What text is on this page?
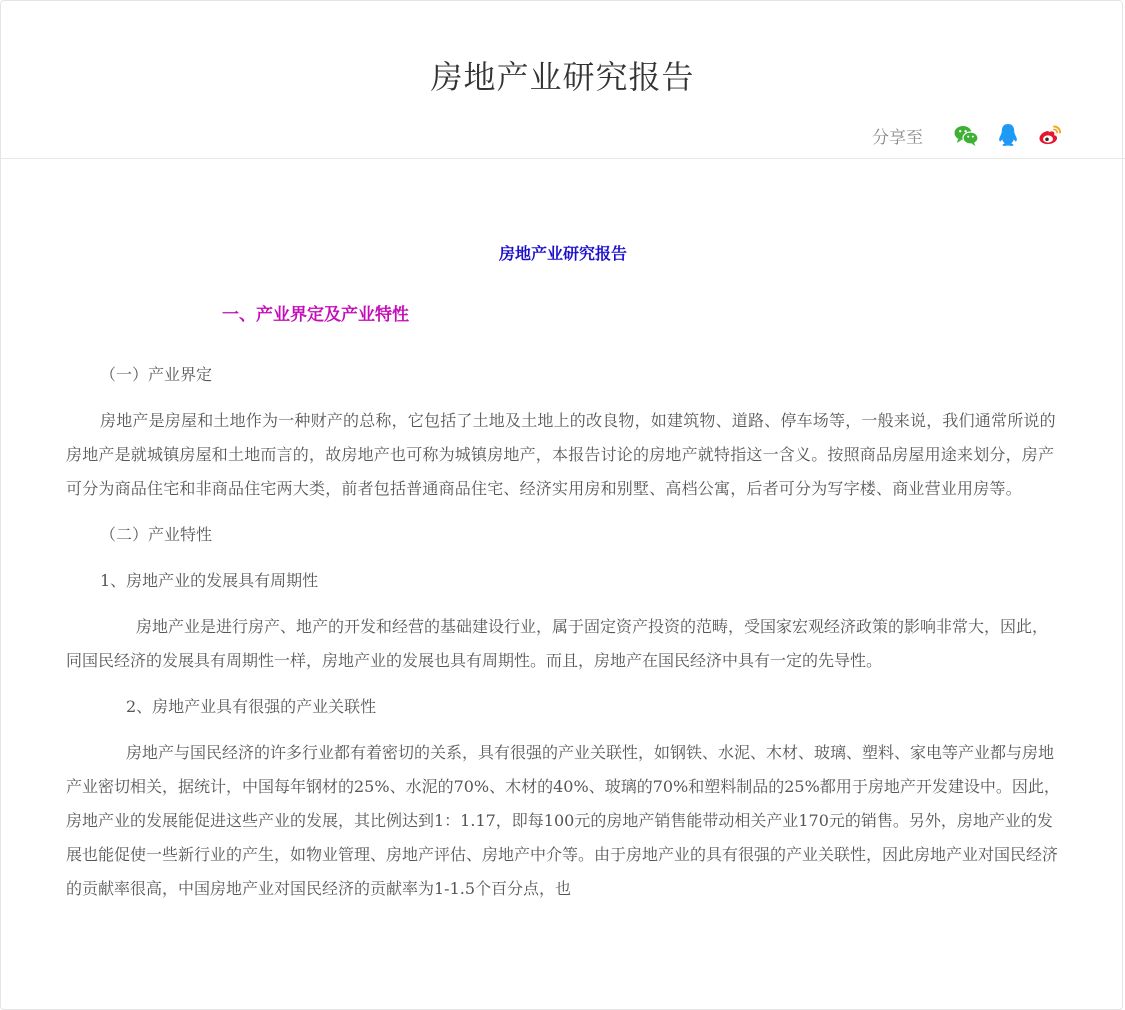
房地产业研究报告
分享至

房地产业研究报告

一、产业界定及产业特性

（一）产业界定

房地产是房屋和土地作为一种财产的总称，它包括了土地及土地上的改良物，如建筑物、道路、停车场等，一般来说，我们通常所说的房地产是就城镇房屋和土地而言的，故房地产也可称为城镇房地产，本报告讨论的房地产就特指这一含义。按照商品房屋用途来划分，房产可分为商品住宅和非商品住宅两大类，前者包括普通商品住宅、经济实用房和别墅、高档公寓，后者可分为写字楼、商业营业用房等。

（二）产业特性

1、房地产业的发展具有周期性

房地产业是进行房产、地产的开发和经营的基础建设行业，属于固定资产投资的范畴，受国家宏观经济政策的影响非常大，因此，同国民经济的发展具有周期性一样，房地产业的发展也具有周期性。而且，房地产在国民经济中具有一定的先导性。

2、房地产业具有很强的产业关联性

房地产与国民经济的许多行业都有着密切的关系，具有很强的产业关联性，如钢铁、水泥、木材、玻璃、塑料、家电等产业都与房地产业密切相关，据统计，中国每年钢材的25%、水泥的70%、木材的40%、玻璃的70%和塑料制品的25%都用于房地产开发建设中。因此，房地产业的发展能促进这些产业的发展，其比例达到1：1.17，即每100元的房地产销售能带动相关产业170元的销售。另外，房地产业的发展也能促使一些新行业的产生，如物业管理、房地产评估、房地产中介等。由于房地产业的具有很强的产业关联性，因此房地产业对国民经济的贡献率很高，中国房地产业对国民经济的贡献率为1-1.5个百分点，也
